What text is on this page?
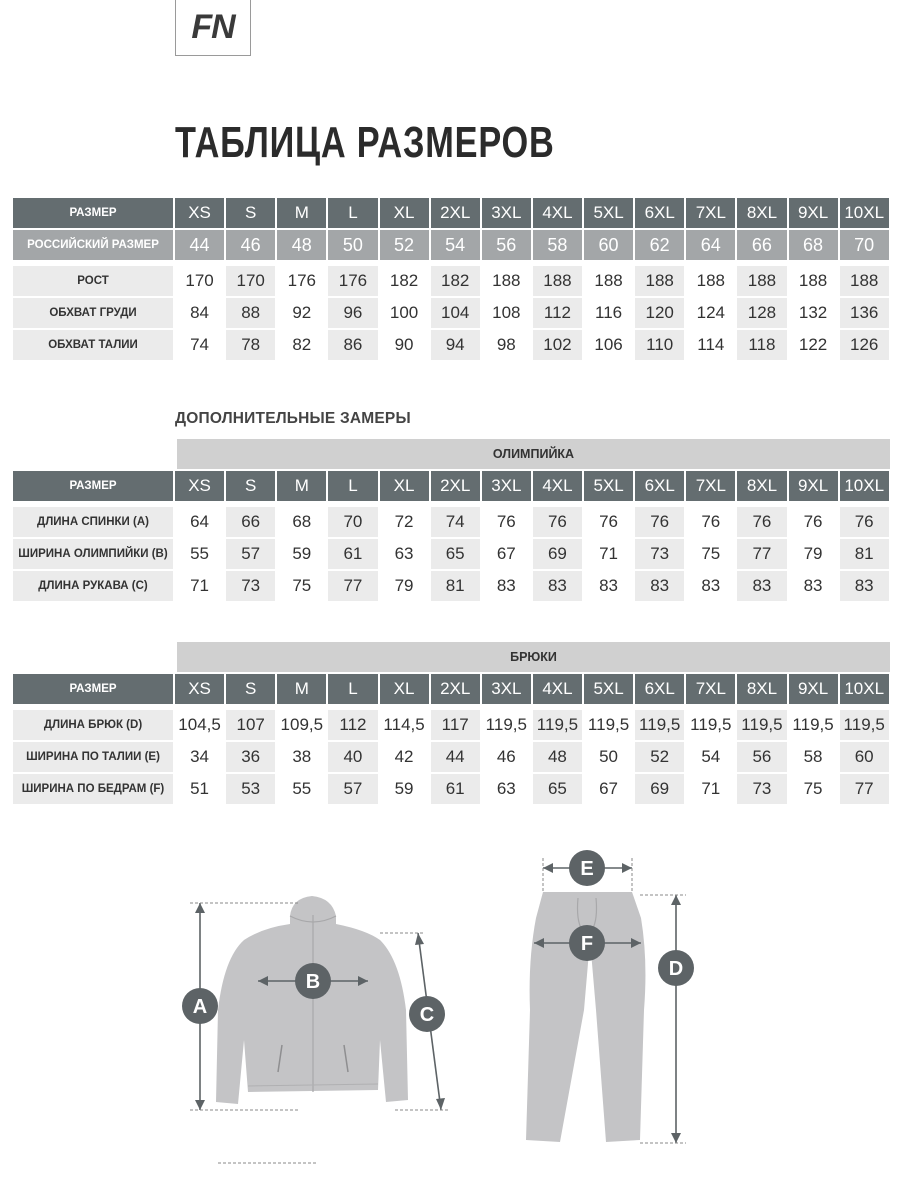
FN
ТАБЛИЦА РАЗМЕРОВ
РАЗМЕР	XS	S	M	L	XL	2XL	3XL	4XL	5XL	6XL	7XL	8XL	9XL 10XL
РОССИЙСКИЙ РАЗМЕР	44	46	48	50	52	54	56	58	60	62	64	66	68	70
РОСТ	170	170	176	176	182	182	188	188	188	188	188	188	188	188
ОБХВАТ ГРУДИ	84	88	92	96	100	104	108	112	116	120	124	128	132	136
ОБХВАТ ТАЛИИ	74	78	82	86	90	94	98	102	106	110	114	118	122	126
ДОПОЛНИТЕЛЬНЫЕ ЗАМЕРЫ
ОЛИМПИЙКА
РАЗМЕР	XS	S	M	L	XL	2XL	3XL	4XL	5XL	6XL	7XL	8XL	9XL 10XL
ДЛИНА СПИНКИ (A)	64	66	68	70	72	74	76	76	76	76	76	76	76	76
ШИРИНА ОЛИМПИЙКИ (B)	55	57	59	61	63	65	67	69	71	73	75	77	79	81
ДЛИНА РУКАВА (C)	71	73	75	77	79	81	83	83	83	83	83	83	83	83
БРЮКИ
РАЗМЕР	XS	S	M	L	XL	2XL	3XL	4XL	5XL	6XL	7XL	8XL	9XL 10XL
ДЛИНА БРЮК (D)	104,5 107 109,5 112 114,5 117 119,5 119,5 119,5 119,5 119,5 119,5 119,5 119,5
ШИРИНА ПО ТАЛИИ (E)	34	36	38	40	42	44	46	48	50	52	54	56	58	60
ШИРИНА ПО БЕДРАМ (F)	51	53	55	57	59	61	63	65	67	69	71	73	75	77
A
B
C
E
F
D
